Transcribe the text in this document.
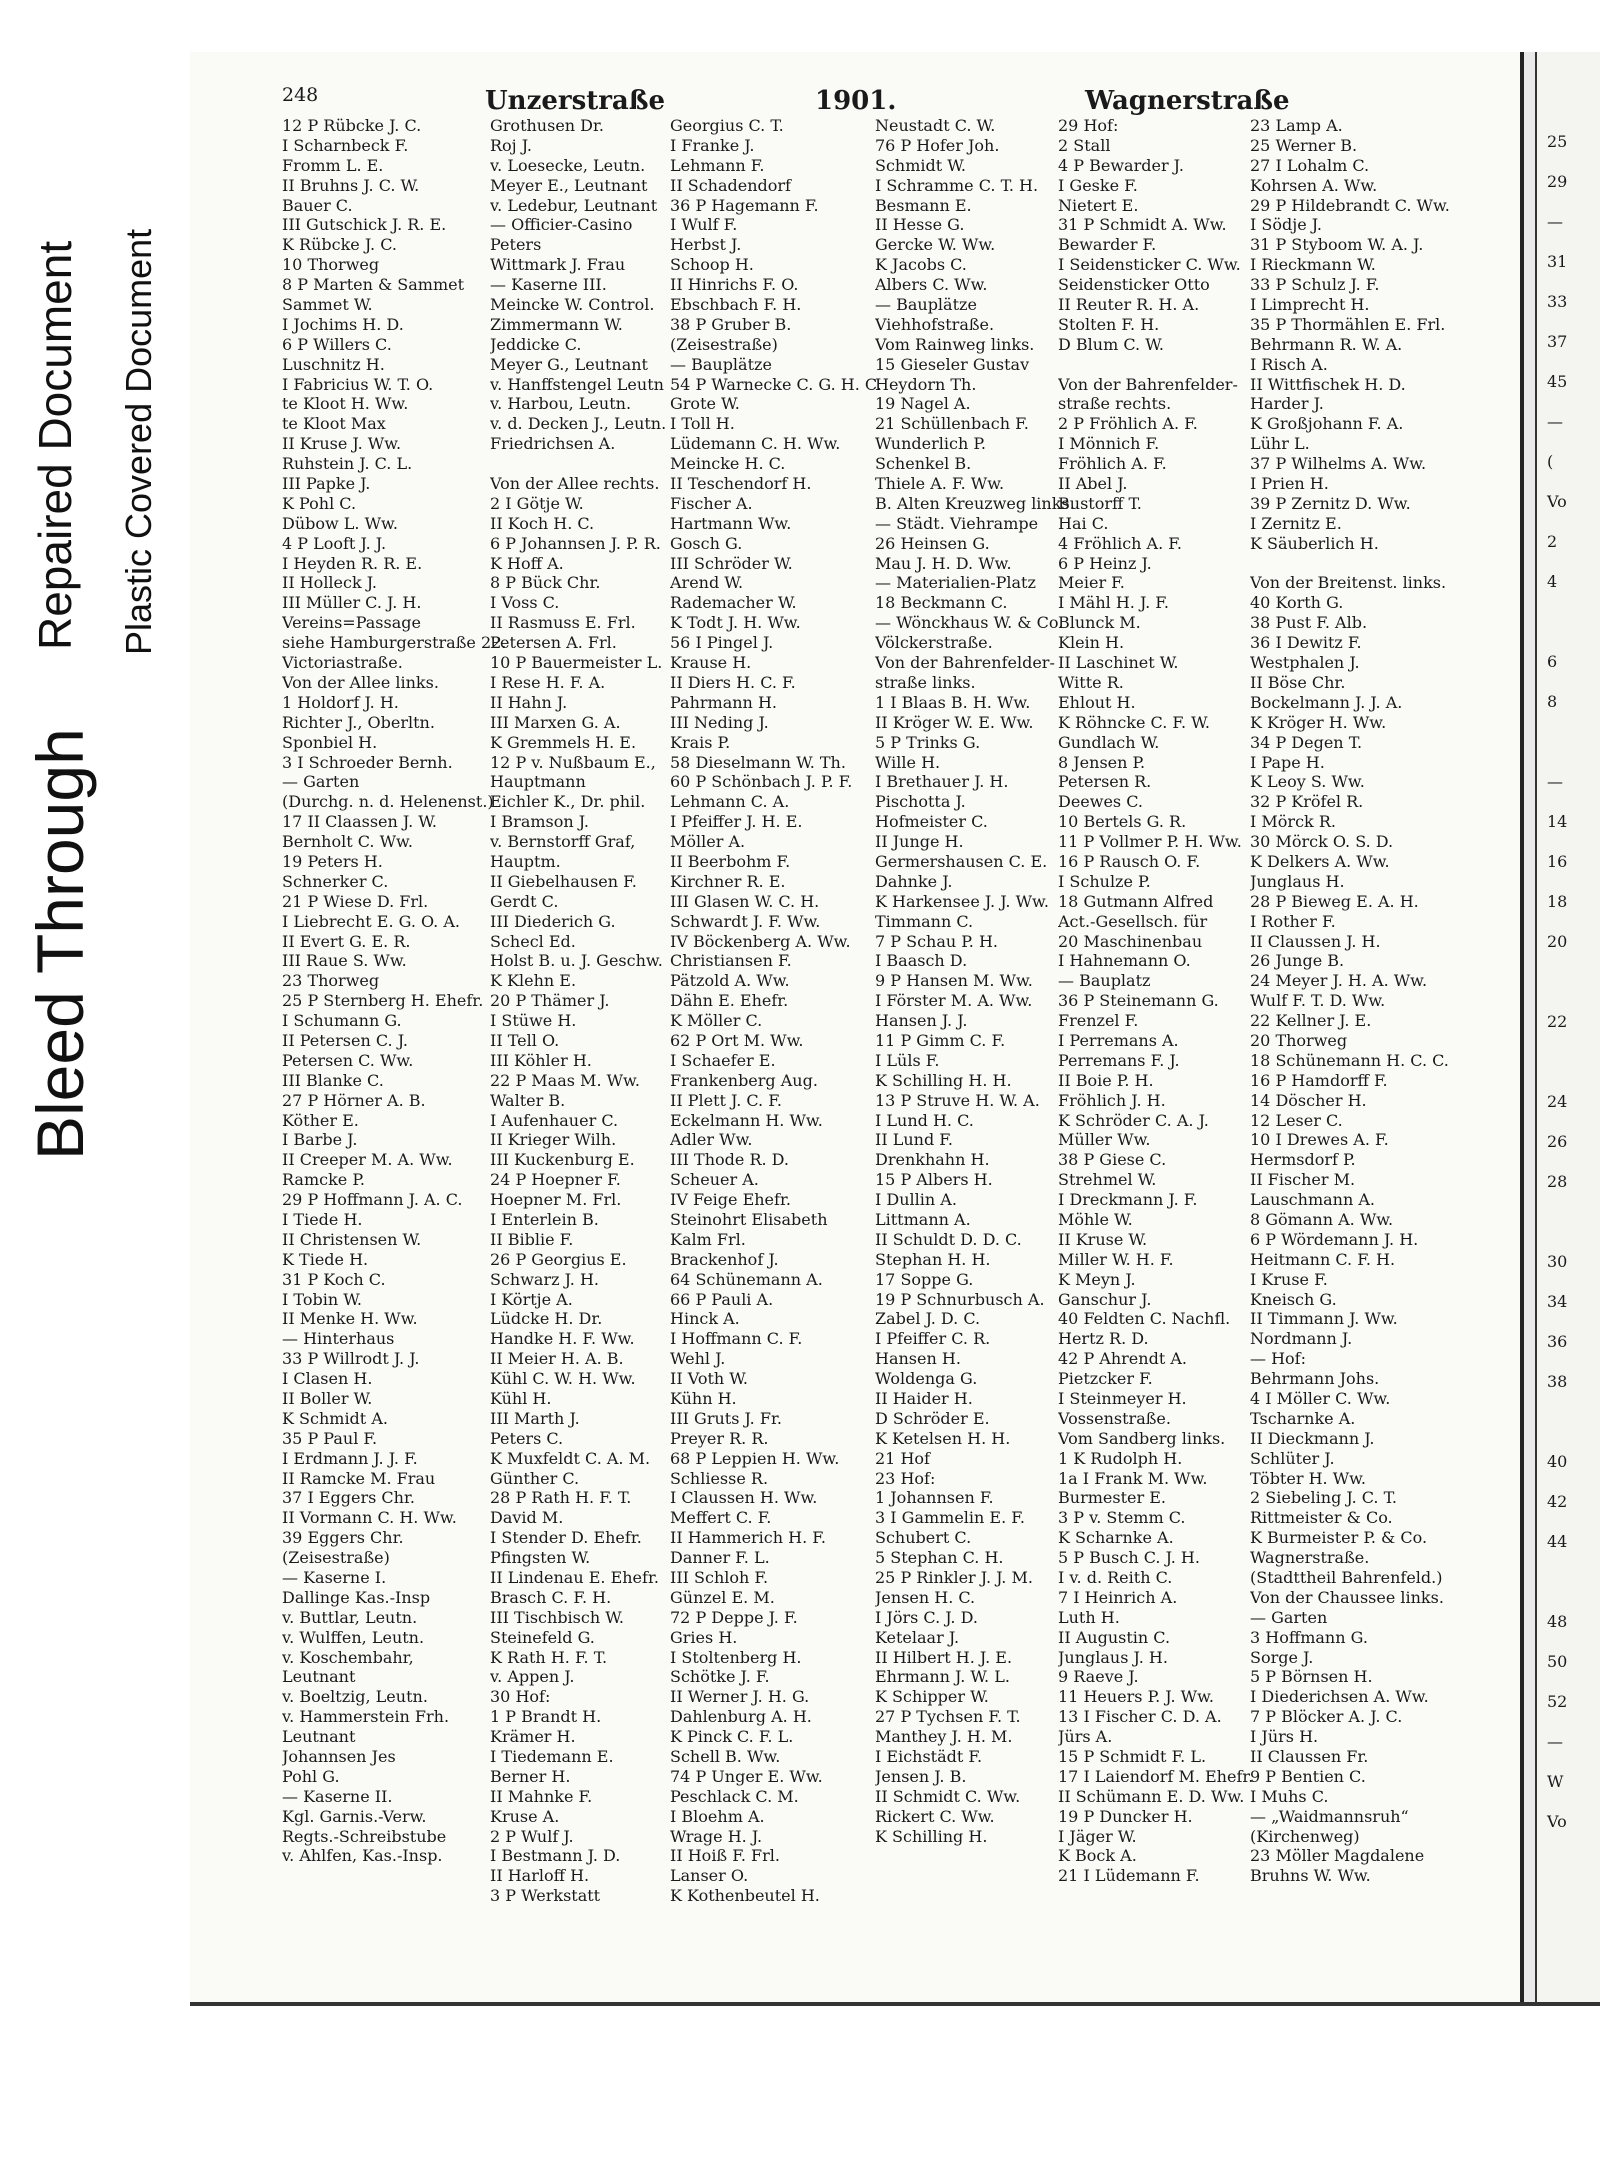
Bleed Through
Repaired Document Plastic Covered Document
248	Unzerstraße	1901.	Wagnerstraße
12 P Rübcke J. C.
I Scharnbeck F.
Fromm L. E.
II Bruhns J. C. W.
Bauer C.
III Gutschick J. R. E.
K Rübcke J. C.
10 Thorweg
8 P Marten & Sammet
Sammet W.
I Jochims H. D.
6 P Willers C.
Luschnitz H.
I Fabricius W. T. O.
te Kloot H. Ww.
te Kloot Max
II Kruse J. Ww.
Ruhstein J. C. L.
III Papke J.
K Pohl C.
Dübow L. Ww.
4 P Looft J. J.
I Heyden R. R. E.
II Holleck J.
III Müller C. J. H.
Vereins=Passage
siehe Hamburgerstraße 22.
Victoriastraße.
Von der Allee links.
1 Holdorf J. H.
Richter J., Oberltn.
Sponbiel H.
3 I Schroeder Bernh.
— Garten
(Durchg. n. d. Helenenst.)
17 II Claassen J. W.
Bernholt C. Ww.
19 Peters H.
Schnerker C.
21 P Wiese D. Frl.
I Liebrecht E. G. O. A.
II Evert G. E. R.
III Raue S. Ww.
23 Thorweg
25 P Sternberg H. Ehefr.
I Schumann G.
II Petersen C. J.
Petersen C. Ww.
III Blanke C.
27 P Hörner A. B.
Köther E.
I Barbe J.
II Creeper M. A. Ww.
Ramcke P.
29 P Hoffmann J. A. C.
I Tiede H.
II Christensen W.
K Tiede H.
31 P Koch C.
I Tobin W.
II Menke H. Ww.
— Hinterhaus
33 P Willrodt J. J.
I Clasen H.
II Boller W.
K Schmidt A.
35 P Paul F.
I Erdmann J. J. F.
II Ramcke M. Frau
37 I Eggers Chr.
II Vormann C. H. Ww.
39 Eggers Chr.
(Zeisestraße)
— Kaserne I.
Dallinge Kas.-Insp
v. Buttlar, Leutn.
v. Wulffen, Leutn.
v. Koschembahr,
Leutnant
v. Boeltzig, Leutn.
v. Hammerstein Frh.
Leutnant
Johannsen Jes
Pohl G.
— Kaserne II.
Kgl. Garnis.-Verw.
Regts.-Schreibstube
v. Ahlfen, Kas.-Insp.
Grothusen Dr.
Roj J.
v. Loesecke, Leutn.
Meyer E., Leutnant
v. Ledebur, Leutnant
— Officier-Casino
Peters
Wittmark J. Frau
— Kaserne III.
Meincke W. Control.
Zimmermann W.
Jeddicke C.
Meyer G., Leutnant
v. Hanffstengel Leutn
v. Harbou, Leutn.
v. d. Decken J., Leutn.
Friedrichsen A.
Von der Allee rechts.
2 I Götje W.
II Koch H. C.
6 P Johannsen J. P. R.
K Hoff A.
8 P Bück Chr.
I Voss C.
II Rasmuss E. Frl.
Petersen A. Frl.
10 P Bauermeister L.
I Rese H. F. A.
II Hahn J.
III Marxen G. A.
K Gremmels H. E.
12 P v. Nußbaum E.,
Hauptmann
Eichler K., Dr. phil.
I Bramson J.
v. Bernstorff Graf,
Hauptm.
II Giebelhausen F.
Gerdt C.
III Diederich G.
Schecl Ed.
Holst B. u. J. Geschw.
K Klehn E.
20 P Thämer J.
I Stüwe H.
II Tell O.
III Köhler H.
22 P Maas M. Ww.
Walter B.
I Aufenhauer C.
II Krieger Wilh.
III Kuckenburg E.
24 P Hoepner F.
Hoepner M. Frl.
I Enterlein B.
II Biblie F.
26 P Georgius E.
Schwarz J. H.
I Körtje A.
Lüdcke H. Dr.
Handke H. F. Ww.
II Meier H. A. B.
Kühl C. W. H. Ww.
Kühl H.
III Marth J.
Peters C.
K Muxfeldt C. A. M.
Günther C.
28 P Rath H. F. T.
David M.
I Stender D. Ehefr.
Pfingsten W.
II Lindenau E. Ehefr.
Brasch C. F. H.
III Tischbisch W.
Steinefeld G.
K Rath H. F. T.
v. Appen J.
30 Hof:
1 P Brandt H.
Krämer H.
I Tiedemann E.
Berner H.
II Mahnke F.
Kruse A.
2 P Wulf J.
I Bestmann J. D.
II Harloff H.
3 P Werkstatt
Georgius C. T.
I Franke J.
Lehmann F.
II Schadendorf
36 P Hagemann F.
I Wulf F.
Herbst J.
Schoop H.
II Hinrichs F. O.
Ebschbach F. H.
38 P Gruber B.
(Zeisestraße)
— Bauplätze
54 P Warnecke C. G. H. C.
Grote W.
I Toll H.
Lüdemann C. H. Ww.
Meincke H. C.
II Teschendorf H.
Fischer A.
Hartmann Ww.
Gosch G.
III Schröder W.
Arend W.
Rademacher W.
K Todt J. H. Ww.
56 I Pingel J.
Krause H.
II Diers H. C. F.
Pahrmann H.
III Neding J.
Krais P.
58 Dieselmann W. Th.
60 P Schönbach J. P. F.
Lehmann C. A.
I Pfeiffer J. H. E.
Möller A.
II Beerbohm F.
Kirchner R. E.
III Glasen W. C. H.
Schwardt J. F. Ww.
IV Böckenberg A. Ww.
Christiansen F.
Pätzold A. Ww.
Dähn E. Ehefr.
K Möller C.
62 P Ort M. Ww.
I Schaefer E.
Frankenberg Aug.
II Plett J. C. F.
Eckelmann H. Ww.
Adler Ww.
III Thode R. D.
Scheuer A.
IV Feige Ehefr.
Steinohrt Elisabeth
Kalm Frl.
Brackenhof J.
64 Schünemann A.
66 P Pauli A.
Hinck A.
I Hoffmann C. F.
Wehl J.
II Voth W.
Kühn H.
III Gruts J. Fr.
Preyer R. R.
68 P Leppien H. Ww.
Schliesse R.
I Claussen H. Ww.
Meffert C. F.
II Hammerich H. F.
Danner F. L.
III Schloh F.
Günzel E. M.
72 P Deppe J. F.
Gries H.
I Stoltenberg H.
Schötke J. F.
II Werner J. H. G.
Dahlenburg A. H.
K Pinck C. F. L.
Schell B. Ww.
74 P Unger E. Ww.
Peschlack C. M.
I Bloehm A.
Wrage H. J.
II Hoiß F. Frl.
Lanser O.
K Kothenbeutel H.
Neustadt C. W.
76 P Hofer Joh.
Schmidt W.
I Schramme C. T. H.
Besmann E.
II Hesse G.
Gercke W. Ww.
K Jacobs C.
Albers C. Ww.
— Bauplätze
Viehhofstraße.
Vom Rainweg links.
15 Gieseler Gustav
Heydorn Th.
19 Nagel A.
21 Schüllenbach F.
Wunderlich P.
Schenkel B.
Thiele A. F. Ww.
B. Alten Kreuzweg links.
— Städt. Viehrampe
26 Heinsen G.
Mau J. H. D. Ww.
— Materialien-Platz
18 Beckmann C.
— Wönckhaus W. & Co.
Völckerstraße.
Von der Bahrenfelder-
straße links.
1 I Blaas B. H. Ww.
II Kröger W. E. Ww.
5 P Trinks G.
Wille H.
I Brethauer J. H.
Pischotta J.
Hofmeister C.
II Junge H.
Germershausen C. E.
Dahnke J.
K Harkensee J. J. Ww.
Timmann C.
7 P Schau P. H.
I Baasch D.
9 P Hansen M. Ww.
I Förster M. A. Ww.
Hansen J. J.
11 P Gimm C. F.
I Lüls F.
K Schilling H. H.
13 P Struve H. W. A.
I Lund H. C.
II Lund F.
Drenkhahn H.
15 P Albers H.
I Dullin A.
Littmann A.
II Schuldt D. D. C.
Stephan H. H.
17 Soppe G.
19 P Schnurbusch A.
Zabel J. D. C.
I Pfeiffer C. R.
Hansen H.
Woldenga G.
II Haider H.
D Schröder E.
K Ketelsen H. H.
21 Hof
23 Hof:
1 Johannsen F.
3 I Gammelin E. F.
Schubert C.
5 Stephan C. H.
25 P Rinkler J. J. M.
Jensen H. C.
I Jörs C. J. D.
Ketelaar J.
II Hilbert H. J. E.
Ehrmann J. W. L.
K Schipper W.
27 P Tychsen F. T.
Manthey J. H. M.
I Eichstädt F.
Jensen J. B.
II Schmidt C. Ww.
Rickert C. Ww.
K Schilling H.
29 Hof:
2 Stall
4 P Bewarder J.
I Geske F.
Nietert E.
31 P Schmidt A. Ww.
Bewarder F.
I Seidensticker C. Ww.
Seidensticker Otto
II Reuter R. H. A.
Stolten F. H.
D Blum C. W.
Von der Bahrenfelder-
straße rechts.
2 P Fröhlich A. F.
I Mönnich F.
Fröhlich A. F.
II Abel J.
Bustorff T.
Hai C.
4 Fröhlich A. F.
6 P Heinz J.
Meier F.
I Mähl H. J. F.
Blunck M.
Klein H.
II Laschinet W.
Witte R.
Ehlout H.
K Röhncke C. F. W.
Gundlach W.
8 Jensen P.
Petersen R.
Deewes C.
10 Bertels G. R.
11 P Vollmer P. H. Ww.
16 P Rausch O. F.
I Schulze P.
18 Gutmann Alfred
Act.-Gesellsch. für
20 Maschinenbau
I Hahnemann O.
— Bauplatz
36 P Steinemann G.
Frenzel F.
I Perremans A.
Perremans F. J.
II Boie P. H.
Fröhlich J. H.
K Schröder C. A. J.
Müller Ww.
38 P Giese C.
Strehmel W.
I Dreckmann J. F.
Möhle W.
II Kruse W.
Miller W. H. F.
K Meyn J.
Ganschur J.
40 Feldten C. Nachfl.
Hertz R. D.
42 P Ahrendt A.
Pietzcker F.
I Steinmeyer H.
Vossenstraße.
Vom Sandberg links.
1 K Rudolph H.
1a I Frank M. Ww.
Burmester E.
3 P v. Stemm C.
K Scharnke A.
5 P Busch C. J. H.
I v. d. Reith C.
7 I Heinrich A.
Luth H.
II Augustin C.
Junglaus J. H.
9 Raeve J.
11 Heuers P. J. Ww.
13 I Fischer C. D. A.
Jürs A.
15 P Schmidt F. L.
17 I Laiendorf M. Ehefr.
II Schümann E. D. Ww.
19 P Duncker H.
I Jäger W.
K Bock A.
21 I Lüdemann F.
23 Lamp A.
25 Werner B.
27 I Lohalm C.
Kohrsen A. Ww.
29 P Hildebrandt C. Ww.
I Södje J.
31 P Styboom W. A. J.
I Rieckmann W.
33 P Schulz J. F.
I Limprecht H.
35 P Thormählen E. Frl.
Behrmann R. W. A.
I Risch A.
II Wittfischek H. D.
Harder J.
K Großjohann F. A.
Lühr L.
37 P Wilhelms A. Ww.
I Prien H.
39 P Zernitz D. Ww.
I Zernitz E.
K Säuberlich H.
Von der Breitenst. links.
40 Korth G.
38 Pust F. Alb.
36 I Dewitz F.
Westphalen J.
II Böse Chr.
Bockelmann J. J. A.
K Kröger H. Ww.
34 P Degen T.
I Pape H.
K Leoy S. Ww.
32 P Kröfel R.
I Mörck R.
30 Mörck O. S. D.
K Delkers A. Ww.
Junglaus H.
28 P Bieweg E. A. H.
I Rother F.
II Claussen J. H.
26 Junge B.
24 Meyer J. H. A. Ww.
Wulf F. T. D. Ww.
22 Kellner J. E.
20 Thorweg
18 Schünemann H. C. C.
16 P Hamdorff F.
14 Döscher H.
12 Leser C.
10 I Drewes A. F.
Hermsdorf P.
II Fischer M.
Lauschmann A.
8 Gömann A. Ww.
6 P Wördemann J. H.
Heitmann C. F. H.
I Kruse F.
Kneisch G.
II Timmann J. Ww.
Nordmann J.
— Hof:
Behrmann Johs.
4 I Möller C. Ww.
Tscharnke A.
II Dieckmann J.
Schlüter J.
Töbter H. Ww.
2 Siebeling J. C. T.
Rittmeister & Co.
K Burmeister P. & Co.
Wagnerstraße.
(Stadttheil Bahrenfeld.)
Von der Chaussee links.
— Garten
3 Hoffmann G.
Sorge J.
5 P Börnsen H.
I Diederichsen A. Ww.
7 P Blöcker A. J. C.
I Jürs H.
II Claussen Fr.
9 P Bentien C.
I Muhs C.
— „Waidmannsruh“
(Kirchenweg)
23 Möller Magdalene
Bruhns W. Ww.
25
29
—
31
33
37
45
—
(
Vo
2
4
6
8
—
14
16
18
20
22
24
26
28
30
34
36
38
40
42
44
48
50
52
—
W
Vo
